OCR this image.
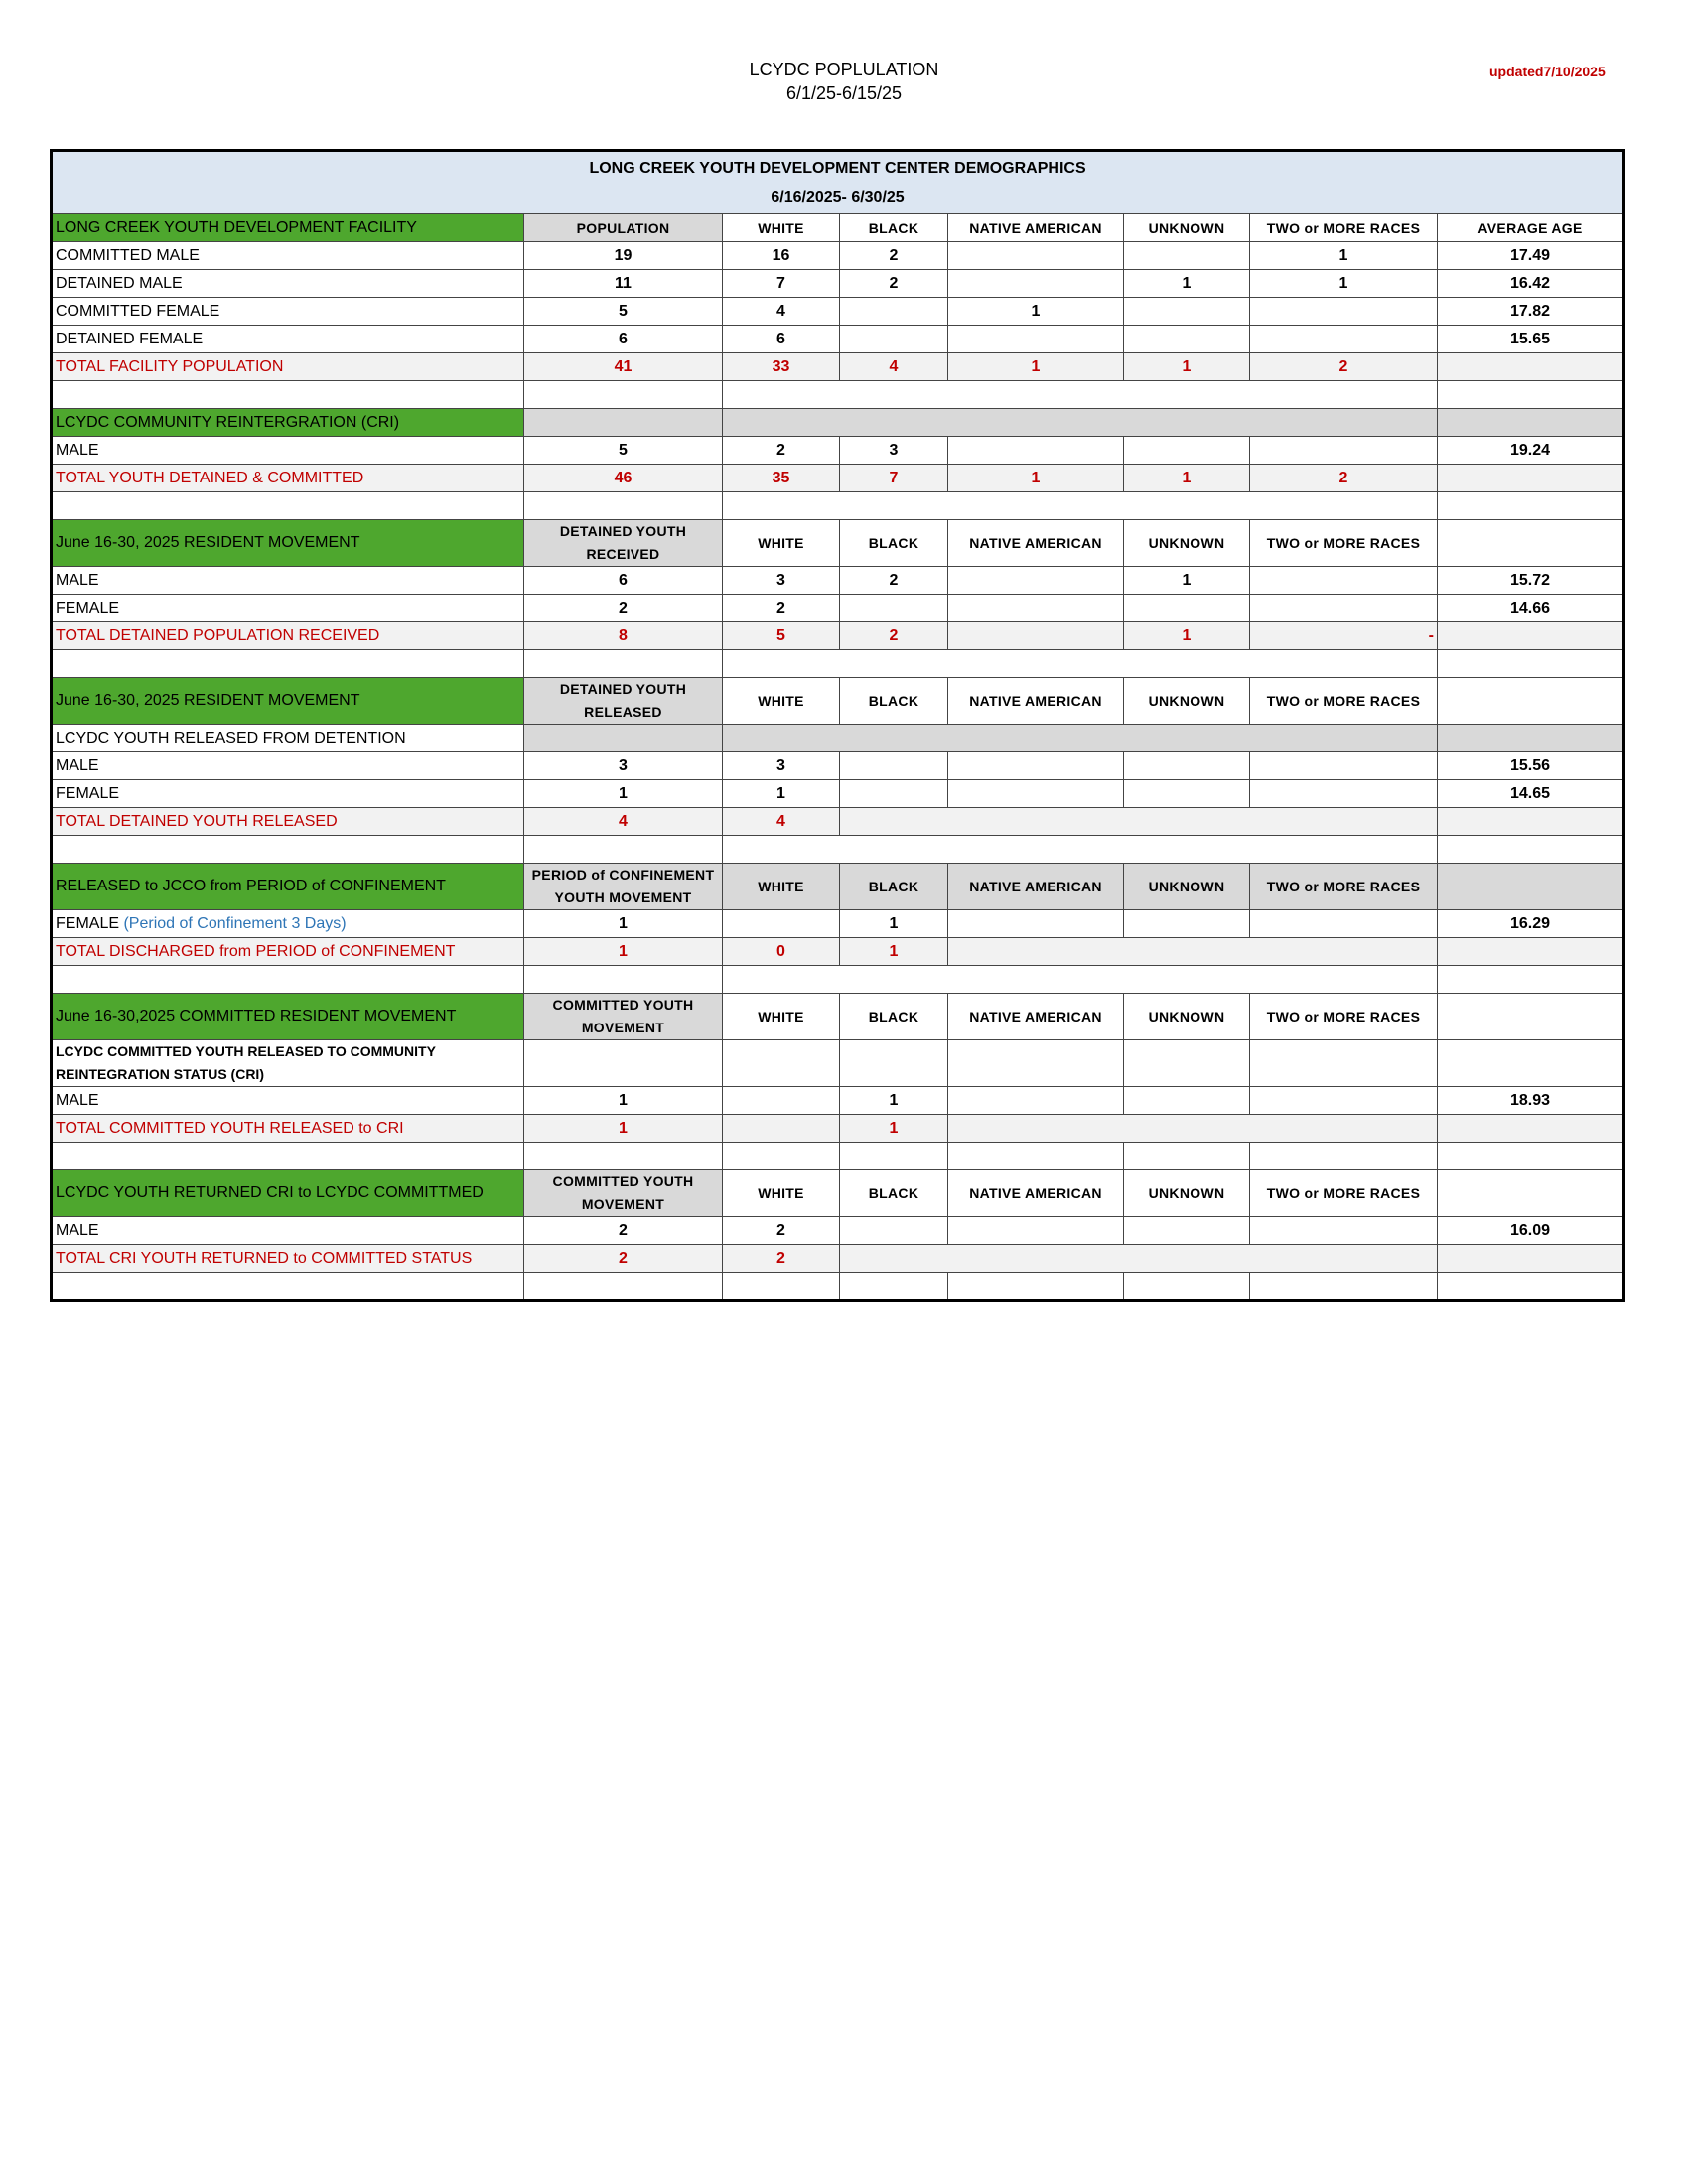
LCYDC POPLULATION
6/1/25-6/15/25
updated7/10/2025
LONG CREEK YOUTH DEVELOPMENT CENTER DEMOGRAPHICS
6/16/2025- 6/30/25							

LONG CREEK YOUTH DEVELOPMENT FACILITY	POPULATION	WHITE	BLACK	NATIVE AMERICAN	UNKNOWN	TWO or MORE RACES	AVERAGE AGE
COMMITTED MALE	19	16	2			1	17.49
DETAINED MALE	11	7	2		1	1	16.42
COMMITTED FEMALE	5	4		1			17.82
DETAINED FEMALE	6	6					15.65
TOTAL FACILITY POPULATION	41	33	4	1	1	2	

LCYDC COMMUNITY REINTERGRATION (CRI)							
MALE	5	2	3				19.24
TOTAL YOUTH DETAINED & COMMITTED	46	35	7	1	1	2	

June 16-30, 2025 RESIDENT MOVEMENT	DETAINED YOUTH RECEIVED	WHITE	BLACK	NATIVE AMERICAN	UNKNOWN	TWO or MORE RACES	
MALE	6	3	2		1		15.72
FEMALE	2	2					14.66
TOTAL DETAINED POPULATION RECEIVED	8	5	2		1	-	

June 16-30, 2025 RESIDENT MOVEMENT	DETAINED YOUTH RELEASED	WHITE	BLACK	NATIVE AMERICAN	UNKNOWN	TWO or MORE RACES	
LCYDC YOUTH RELEASED FROM DETENTION							
MALE	3	3					15.56
FEMALE	1	1					14.65
TOTAL DETAINED YOUTH RELEASED	4	4					

RELEASED to JCCO from PERIOD of CONFINEMENT	PERIOD of CONFINEMENT YOUTH MOVEMENT	WHITE	BLACK	NATIVE AMERICAN	UNKNOWN	TWO or MORE RACES	
FEMALE (Period of Confinement 3 Days)	1		1				16.29
TOTAL DISCHARGED from PERIOD of CONFINEMENT	1	0	1				

June 16-30,2025 COMMITTED RESIDENT MOVEMENT	COMMITTED YOUTH MOVEMENT	WHITE	BLACK	NATIVE AMERICAN	UNKNOWN	TWO or MORE RACES	
LCYDC COMMITTED YOUTH RELEASED TO COMMUNITY REINTEGRATION STATUS (CRI)							
MALE	1		1				18.93
TOTAL COMMITTED YOUTH RELEASED to CRI	1		1				

LCYDC YOUTH RETURNED CRI to LCYDC COMMITTMED	COMMITTED YOUTH MOVEMENT	WHITE	BLACK	NATIVE AMERICAN	UNKNOWN	TWO or MORE RACES	
MALE	2	2					16.09
TOTAL CRI YOUTH RETURNED to COMMITTED STATUS	2	2					
